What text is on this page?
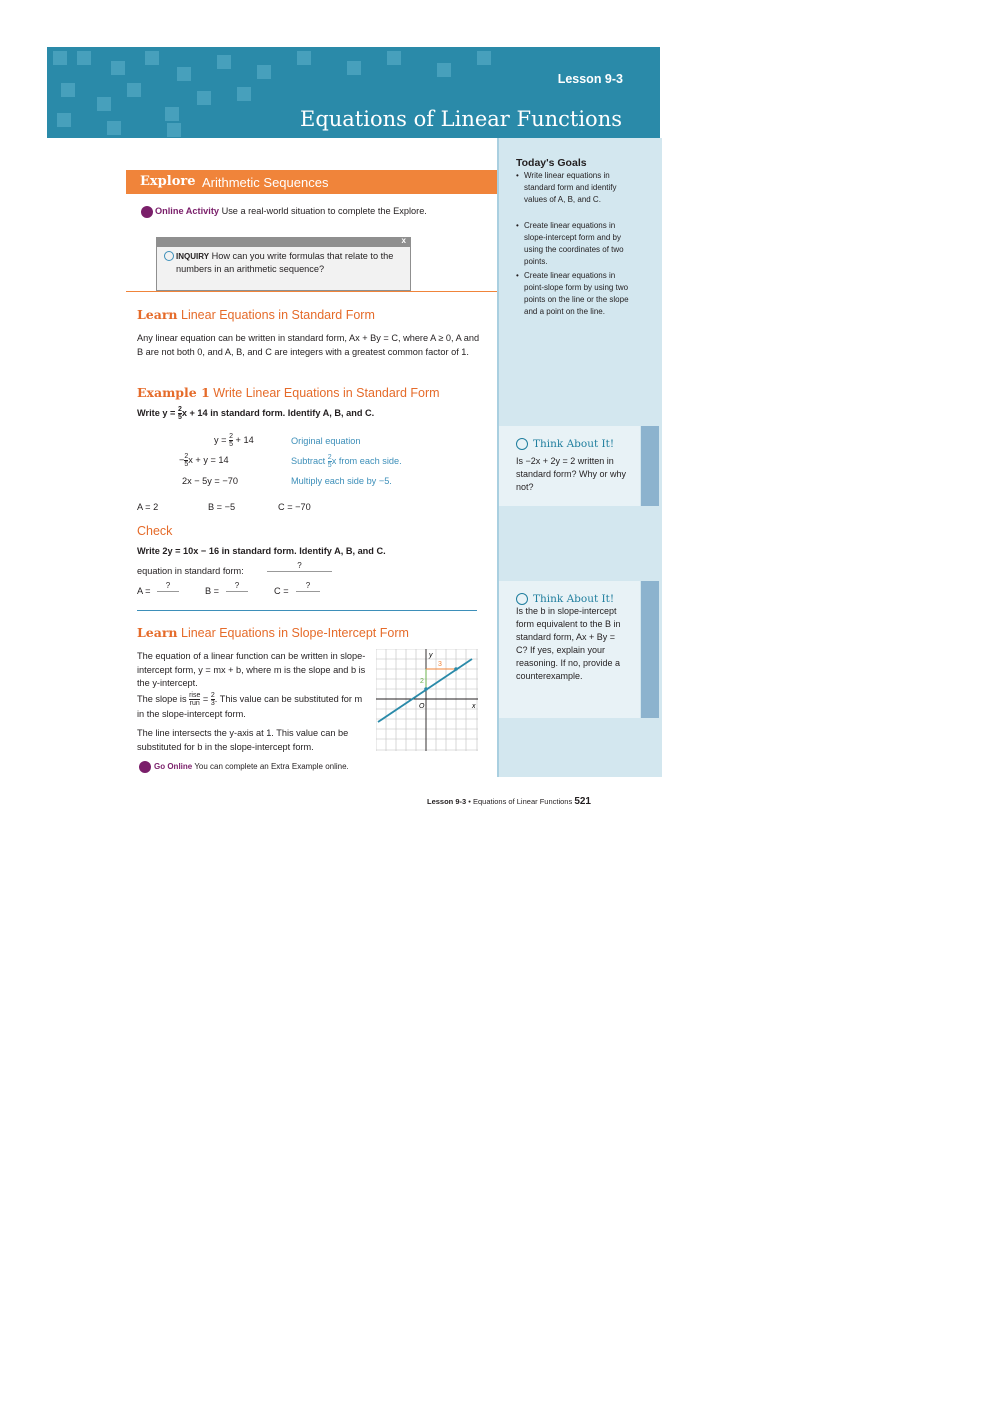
Lesson 9-3
Equations of Linear Functions
Today's Goals
• Write linear equations in standard form and identify values of A, B, and C.
• Create linear equations in slope-intercept form and by using the coordinates of two points.
• Create linear equations in point-slope form by using two points on the line or the slope and a point on the line.
Think About It!
Is −2x + 2y = 2 written in standard form? Why or why not?
Think About It!
Is the b in slope-intercept form equivalent to the B in standard form, Ax + By = C? If yes, explain your reasoning. If no, provide a counterexample.
Explore Arithmetic Sequences
Online Activity Use a real-world situation to complete the Explore.
x
INQUIRY How can you write formulas that relate to the numbers in an arithmetic sequence?
Learn Linear Equations in Standard Form
Any linear equation can be written in standard form, Ax + By = C, where A ≥ 0, A and B are not both 0, and A, B, and C are integers with a greatest common factor of 1.
Example 1 Write Linear Equations in Standard Form
Write $y = \frac{2}{5}$ x + 14 in standard form. Identify A, B, and C.
$y = \frac{2}{5} + 14$	Original equation
− $\frac{2}{5}$ x + y = 14	Subtract $\frac{2}{5}$ x from each side.
2x − 5y = −70	Multiply each side by −5.
A = 2	B = −5	C = −70
Check
Write 2y = 10x − 16 in standard form. Identify A, B, and C.
equation in standard form:
?
A =
?
B =
?
C =
?
Learn Linear Equations in Slope-Intercept Form
The equation of a linear function can be written in slope-intercept form, y = mx + b, where m is the slope and b is the y-intercept.
The slope is $\frac{\text{rise}}{\text{run}} = \frac{2}{3}$ . This value can be substituted for m in the slope-intercept form.
The line intersects the y-axis at 1. This value can be substituted for b in the slope-intercept form.
y
x
O
2
3
Go Online You can complete an Extra Example online.
Lesson 9-3 • Equations of Linear Functions 521
